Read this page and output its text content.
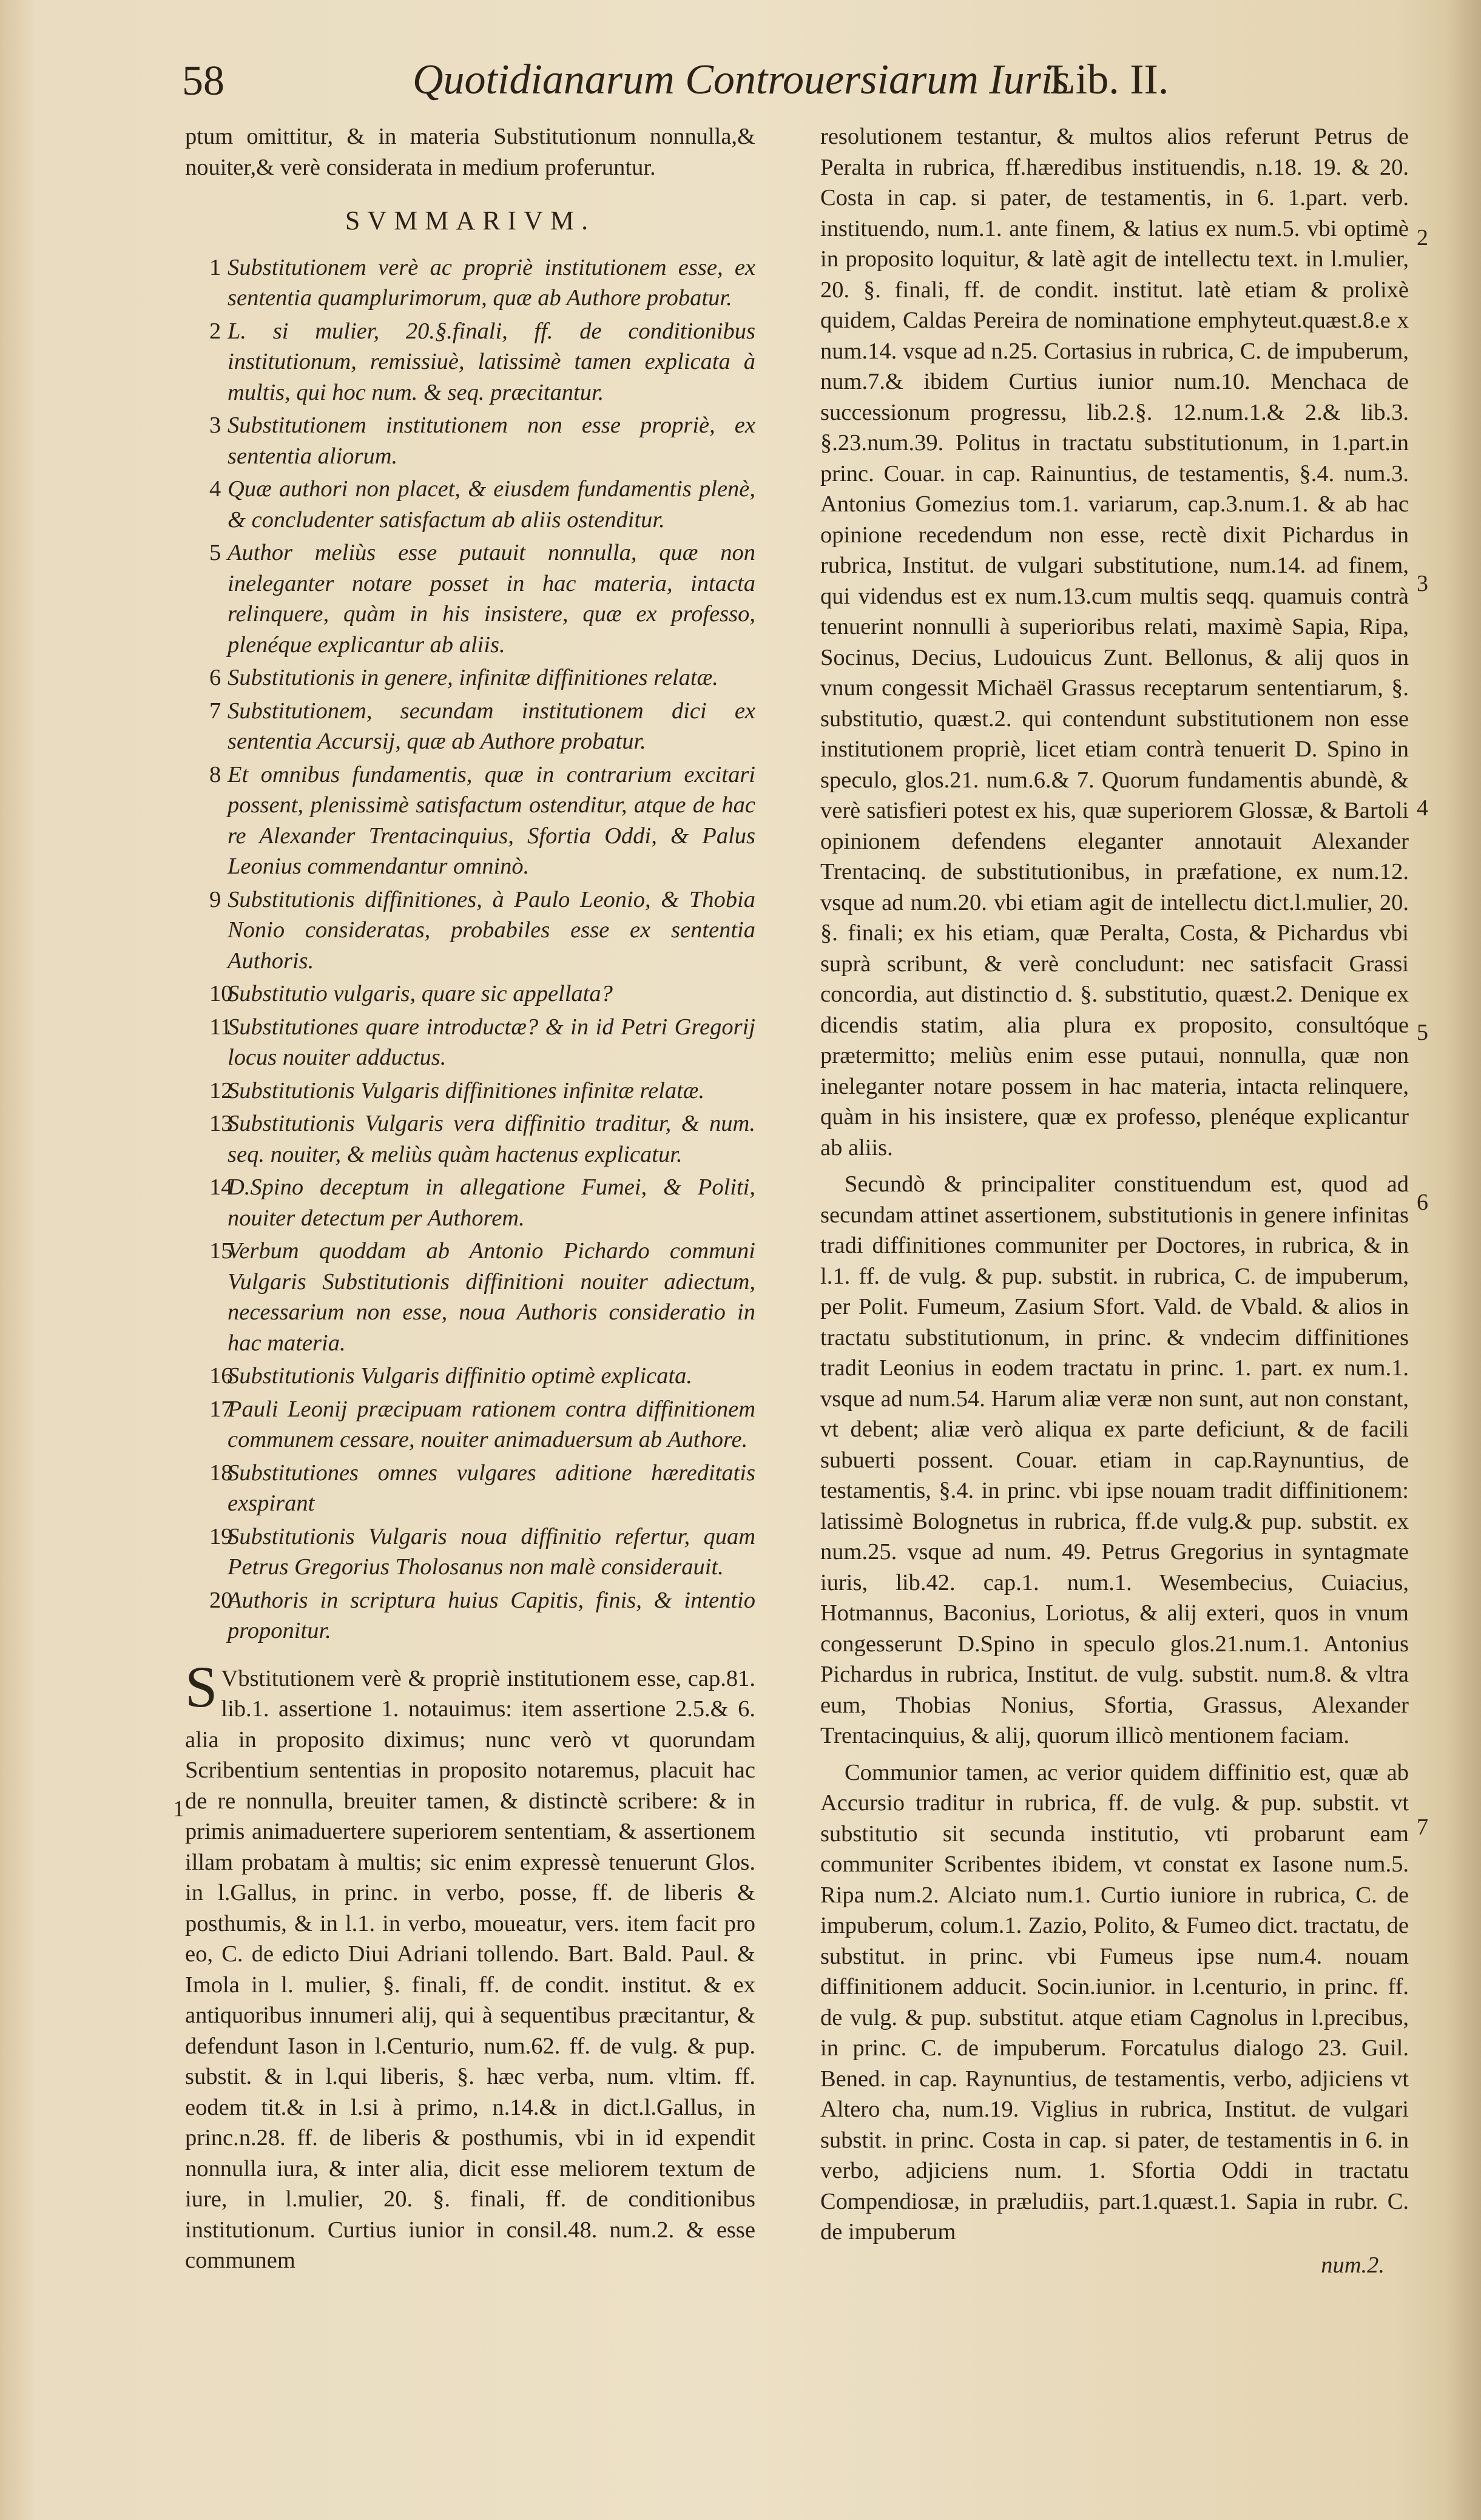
58	Quotidianarum Controuersiarum Iuris
Lib. II.
ptum omittitur, & in materia Substitutionum nonnulla,& nouiter,& verè considerata in medium proferuntur.
SVMMARIVM.
1 Substitutionem verè ac propriè institutionem esse, ex sententia quamplurimorum, quæ ab Authore probatur.
2 L. si mulier, 20.§.finali, ff. de conditionibus institutionum, remissiuè, latissimè tamen explicata à multis, qui hoc num. & seq. præcitantur.
3 Substitutionem institutionem non esse propriè, ex sententia aliorum.
4 Quæ authori non placet, & eiusdem fundamentis plenè, & concludenter satisfactum ab aliis ostenditur.
5 Author meliùs esse putauit nonnulla, quæ non ineleganter notare posset in hac materia, intacta relinquere, quàm in his insistere, quæ ex professo, plenéque explicantur ab aliis.
6 Substitutionis in genere, infinitæ diffinitiones relatæ.
7 Substitutionem, secundam institutionem dici ex sententia Accursij, quæ ab Authore probatur.
8 Et omnibus fundamentis, quæ in contrarium excitari possent, plenissimè satisfactum ostenditur, atque de hac re Alexander Trentacinquius, Sfortia Oddi, & Palus Leonius commendantur omninò.
9 Substitutionis diffinitiones, à Paulo Leonio, & Thobia Nonio consideratas, probabiles esse ex sententia Authoris.
10
Substitutio vulgaris, quare sic appellata?
11
Substitutiones quare introductæ? & in id Petri Gregorij locus nouiter adductus.
12
Substitutionis Vulgaris diffinitiones infinitæ relatæ.
13
Substitutionis Vulgaris vera diffinitio traditur, & num. seq. nouiter, & meliùs quàm hactenus explicatur.
14
D.Spino deceptum in allegatione Fumei, & Politi, nouiter detectum per Authorem.
15
Verbum quoddam ab Antonio Pichardo communi Vulgaris Substitutionis diffinitioni nouiter adiectum, necessarium non esse, noua Authoris consideratio in hac materia.
16
Substitutionis Vulgaris diffinitio optimè explicata.
17
Pauli Leonij præcipuam rationem contra diffinitionem communem cessare, nouiter animaduersum ab Authore.
18
Substitutiones omnes vulgares aditione hæreditatis exspirant
19
Substitutionis Vulgaris noua diffinitio refertur, quam Petrus Gregorius Tholosanus non malè considerauit.
20
Authoris in scriptura huius Capitis, finis, & intentio proponitur.
S Vbstitutionem verè & propriè institutionem esse, cap.81. lib.1. assertione 1. notauimus: item assertione 2.5.& 6. alia in proposito diximus; nunc verò vt quorundam Scribentium sententias in proposito notaremus, placuit hac de re nonnulla, breuiter tamen, & distinctè scribere: & in primis animaduertere superiorem sententiam, & assertionem illam probatam à multis; sic enim expressè tenuerunt Glos. in l.Gallus, in princ. in verbo, posse, ff. de liberis & posthumis, & in l.1. in verbo, moueatur, vers. item facit pro eo, C. de edicto Diui Adriani tollendo. Bart. Bald. Paul. & Imola in l. mulier, §. finali, ff. de condit. institut. & ex antiquoribus innumeri alij, qui à sequentibus præcitantur, & defendunt Iason in l.Centurio, num.62. ff. de vulg. & pup. substit. & in l.qui liberis, §. hæc verba, num. vltim. ff. eodem tit.& in l.si à primo, n.14.& in dict.l.Gallus, in princ.n.28. ff. de liberis & posthumis, vbi in id expendit nonnulla iura, & inter alia, dicit esse meliorem textum de iure, in l.mulier, 20. §. finali, ff. de conditionibus institutionum. Curtius iunior in consil.48. num.2. & esse communem
resolutionem testantur, & multos alios referunt Petrus de Peralta in rubrica, ff.hæredibus instituendis, n.18. 19. & 20. Costa in cap. si pater, de testamentis, in 6. 1.part. verb. instituendo, num.1. ante finem, & latius ex num.5. vbi optimè in proposito loquitur, & latè agit de intellectu text. in l.mulier, 20. §. finali, ff. de condit. institut. latè etiam & prolixè quidem, Caldas Pereira de nominatione emphyteut.quæst.8.e x num.14. vsque ad n.25. Cortasius in rubrica, C. de impuberum, num.7.& ibidem Curtius iunior num.10. Menchaca de successionum progressu, lib.2.§. 12.num.1.& 2.& lib.3. §.23.num.39. Politus in tractatu substitutionum, in 1.part.in princ. Couar. in cap. Rainuntius, de testamentis, §.4. num.3. Antonius Gomezius tom.1. variarum, cap.3.num.1. & ab hac opinione recedendum non esse, rectè dixit Pichardus in rubrica, Institut. de vulgari substitutione, num.14. ad finem, qui videndus est ex num.13.cum multis seqq. quamuis contrà tenuerint nonnulli à superioribus relati, maximè Sapia, Ripa, Socinus, Decius, Ludouicus Zunt. Bellonus, & alij quos in vnum congessit Michaël Grassus receptarum sententiarum, §. substitutio, quæst.2. qui contendunt substitutionem non esse institutionem propriè, licet etiam contrà tenuerit D. Spino in speculo, glos.21. num.6.& 7. Quorum fundamentis abundè, & verè satisfieri potest ex his, quæ superiorem Glossæ, & Bartoli opinionem defendens eleganter annotauit Alexander Trentacinq. de substitutionibus, in præfatione, ex num.12. vsque ad num.20. vbi etiam agit de intellectu dict.l.mulier, 20. §. finali; ex his etiam, quæ Peralta, Costa, & Pichardus vbi suprà scribunt, & verè concludunt: nec satisfacit Grassi concordia, aut distinctio d. §. substitutio, quæst.2. Denique ex dicendis statim, alia plura ex proposito, consultóque prætermitto; meliùs enim esse putaui, nonnulla, quæ non ineleganter notare possem in hac materia, intacta relinquere, quàm in his insistere, quæ ex professo, plenéque explicantur ab aliis.
Secundò & principaliter constituendum est, quod ad secundam attinet assertionem, substitutionis in genere infinitas tradi diffinitiones communiter per Doctores, in rubrica, & in l.1. ff. de vulg. & pup. substit. in rubrica, C. de impuberum, per Polit. Fumeum, Zasium Sfort. Vald. de Vbald. & alios in tractatu substitutionum, in princ. & vndecim diffinitiones tradit Leonius in eodem tractatu in princ. 1. part. ex num.1. vsque ad num.54. Harum aliæ veræ non sunt, aut non constant, vt debent; aliæ verò aliqua ex parte deficiunt, & de facili subuerti possent. Couar. etiam in cap.Raynuntius, de testamentis, §.4. in princ. vbi ipse nouam tradit diffinitionem: latissimè Bolognetus in rubrica, ff.de vulg.& pup. substit. ex num.25. vsque ad num. 49. Petrus Gregorius in syntagmate iuris, lib.42. cap.1. num.1. Wesembecius, Cuiacius, Hotmannus, Baconius, Loriotus, & alij exteri, quos in vnum congesserunt D.Spino in speculo glos.21.num.1. Antonius Pichardus in rubrica, Institut. de vulg. substit. num.8. & vltra eum, Thobias Nonius, Sfortia, Grassus, Alexander Trentacinquius, & alij, quorum illicò mentionem faciam.
Communior tamen, ac verior quidem diffinitio est, quæ ab Accursio traditur in rubrica, ff. de vulg. & pup. substit. vt substitutio sit secunda institutio, vti probarunt eam communiter Scribentes ibidem, vt constat ex Iasone num.5. Ripa num.2. Alciato num.1. Curtio iuniore in rubrica, C. de impuberum, colum.1. Zazio, Polito, & Fumeo dict. tractatu, de substitut. in princ. vbi Fumeus ipse num.4. nouam diffinitionem adducit. Socin.iunior. in l.centurio, in princ. ff. de vulg. & pup. substitut. atque etiam Cagnolus in l.precibus, in princ. C. de impuberum. Forcatulus dialogo 23. Guil. Bened. in cap. Raynuntius, de testamentis, verbo, adjiciens vt Altero cha, num.19. Viglius in rubrica, Institut. de vulgari substit. in princ. Costa in cap. si pater, de testamentis in 6. in verbo, adjiciens num. 1. Sfortia Oddi in tractatu Compendiosæ, in præludiis, part.1.quæst.1. Sapia in rubr. C. de impuberum
num.2.
1
2
3
4
5
6
7
